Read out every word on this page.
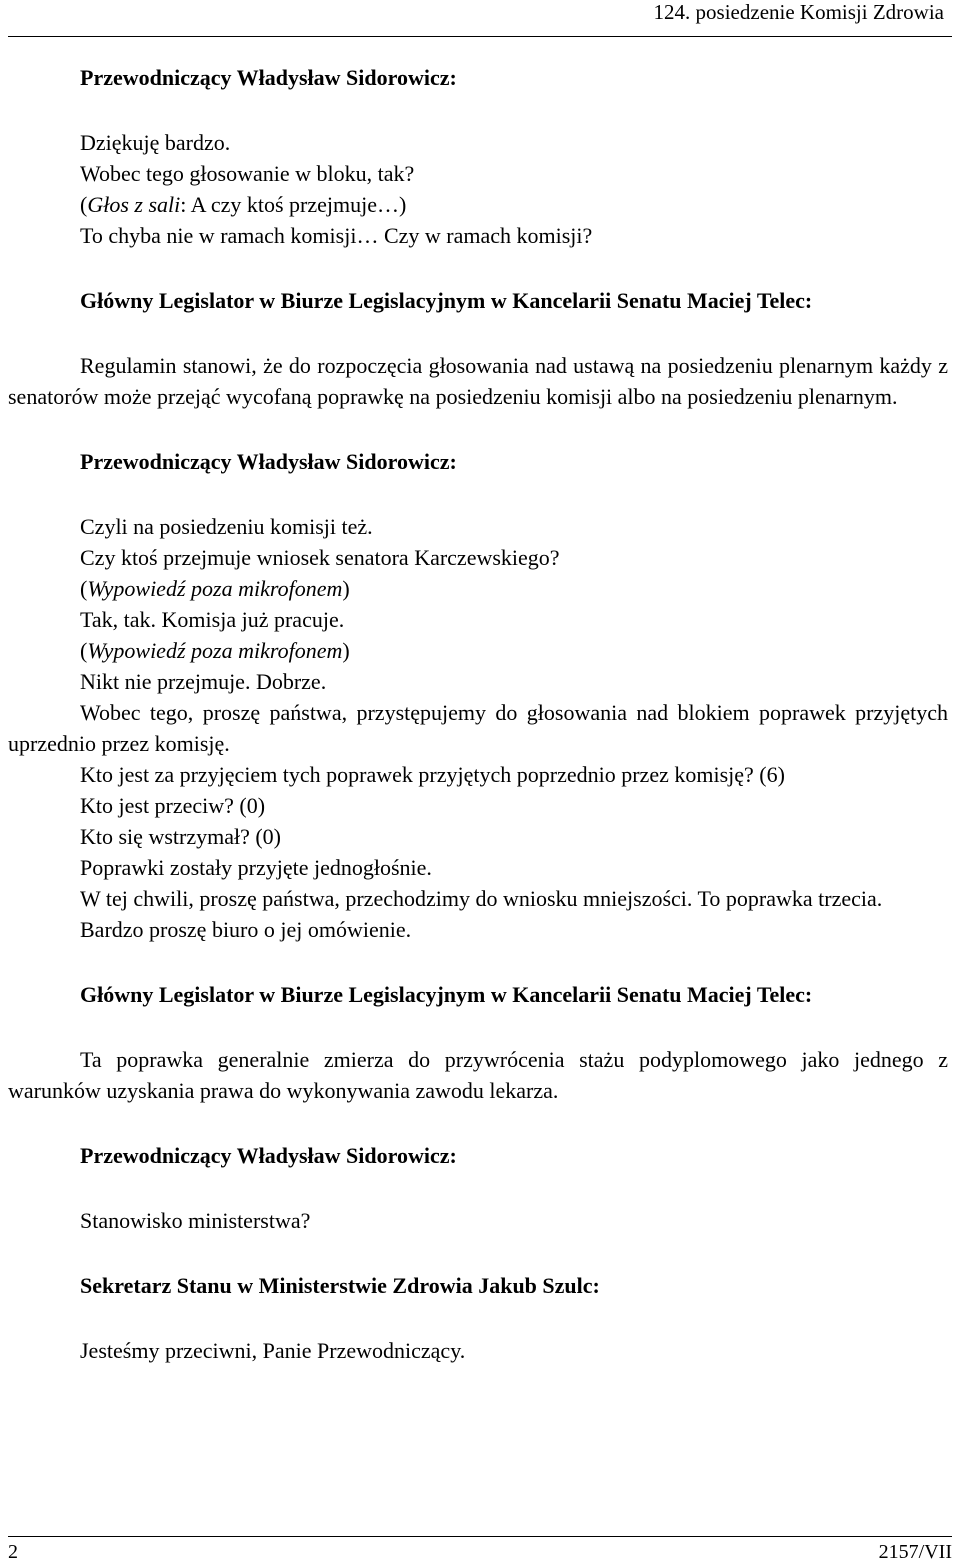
124. posiedzenie Komisji Zdrowia

Przewodniczący Władysław Sidorowicz:

Dziękuję bardzo.

Wobec tego głosowanie w bloku, tak?

(Głos z sali: A czy ktoś przejmuje…)

To chyba nie w ramach komisji… Czy w ramach komisji?

Główny Legislator w Biurze Legislacyjnym w Kancelarii Senatu Maciej Telec:

Regulamin stanowi, że do rozpoczęcia głosowania nad ustawą na posiedzeniu plenarnym każdy z senatorów może przejąć wycofaną poprawkę na posiedzeniu komisji albo na posiedzeniu plenarnym.

Przewodniczący Władysław Sidorowicz:

Czyli na posiedzeniu komisji też.

Czy ktoś przejmuje wniosek senatora Karczewskiego?

(Wypowiedź poza mikrofonem)

Tak, tak. Komisja już pracuje.

(Wypowiedź poza mikrofonem)

Nikt nie przejmuje. Dobrze.

Wobec tego, proszę państwa, przystępujemy do głosowania nad blokiem poprawek przyjętych uprzednio przez komisję.

Kto jest za przyjęciem tych poprawek przyjętych poprzednio przez komisję? (6)

Kto jest przeciw? (0)

Kto się wstrzymał? (0)

Poprawki zostały przyjęte jednogłośnie.

W tej chwili, proszę państwa, przechodzimy do wniosku mniejszości. To poprawka trzecia.

Bardzo proszę biuro o jej omówienie.

Główny Legislator w Biurze Legislacyjnym w Kancelarii Senatu Maciej Telec:

Ta poprawka generalnie zmierza do przywrócenia stażu podyplomowego jako jednego z warunków uzyskania prawa do wykonywania zawodu lekarza.

Przewodniczący Władysław Sidorowicz:

Stanowisko ministerstwa?

Sekretarz Stanu w Ministerstwie Zdrowia Jakub Szulc:

Jesteśmy przeciwni, Panie Przewodniczący.

2	2157/VII
